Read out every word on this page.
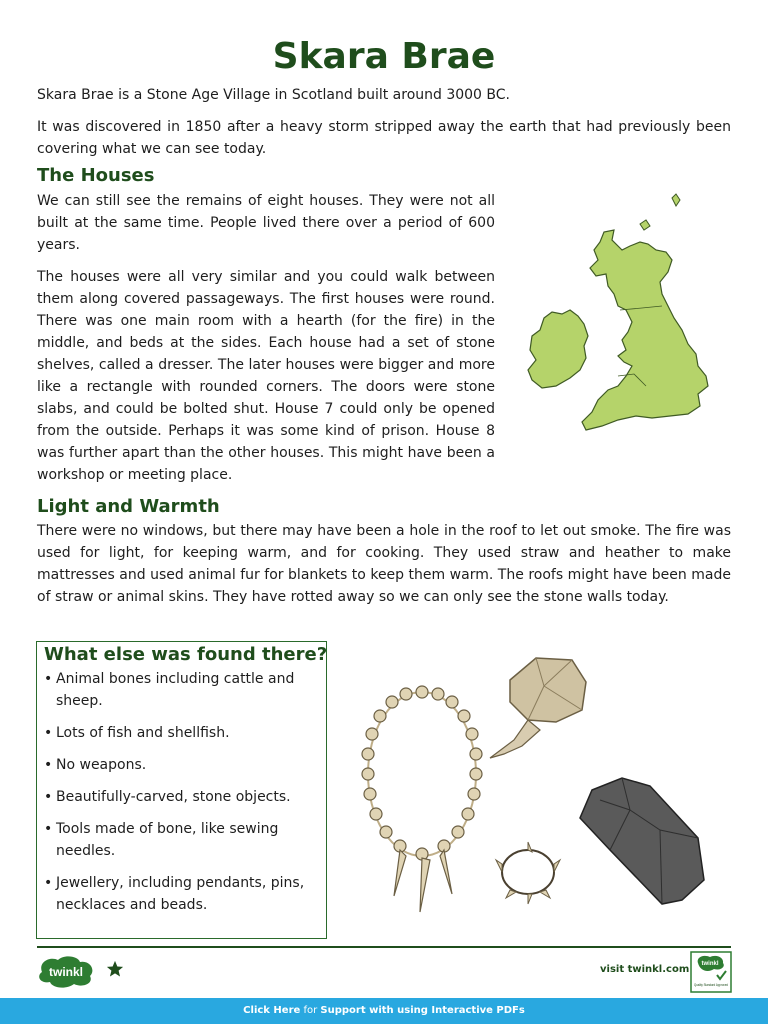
Skara Brae

Skara Brae is a Stone Age Village in Scotland built around 3000 BC.

It was discovered in 1850 after a heavy storm stripped away the earth that had previously been covering what we can see today.

The Houses

We can still see the remains of eight houses. They were not all built at the same time. People lived there over a period of 600 years.

The houses were all very similar and you could walk between them along covered passageways. The first houses were round. There was one main room with a hearth (for the fire) in the middle, and beds at the sides. Each house had a set of stone shelves, called a dresser. The later houses were bigger and more like a rectangle with rounded corners. The doors were stone slabs, and could be bolted shut. House 7 could only be opened from the outside. Perhaps it was some kind of prison. House 8 was further apart than the other houses. This might have been a workshop or meeting place.

Light and Warmth

There were no windows, but there may have been a hole in the roof to let out smoke. The fire was used for light, for keeping warm, and for cooking. They used straw and heather to make mattresses and used animal fur for blankets to keep them warm. The roofs might have been made of straw or animal skins. They have rotted away so we can only see the stone walls today.

What else was found there?
• Animal bones including cattle and sheep.
• Lots of fish and shellfish.
• No weapons.
• Beautifully-carved, stone objects.
• Tools made of bone, like sewing needles.
• Jewellery, including pendants, pins, necklaces and beads.
twinkl	visit twinkl.com twinkl
Quality Standard Approved
Click Here for Support with using Interactive PDFs
